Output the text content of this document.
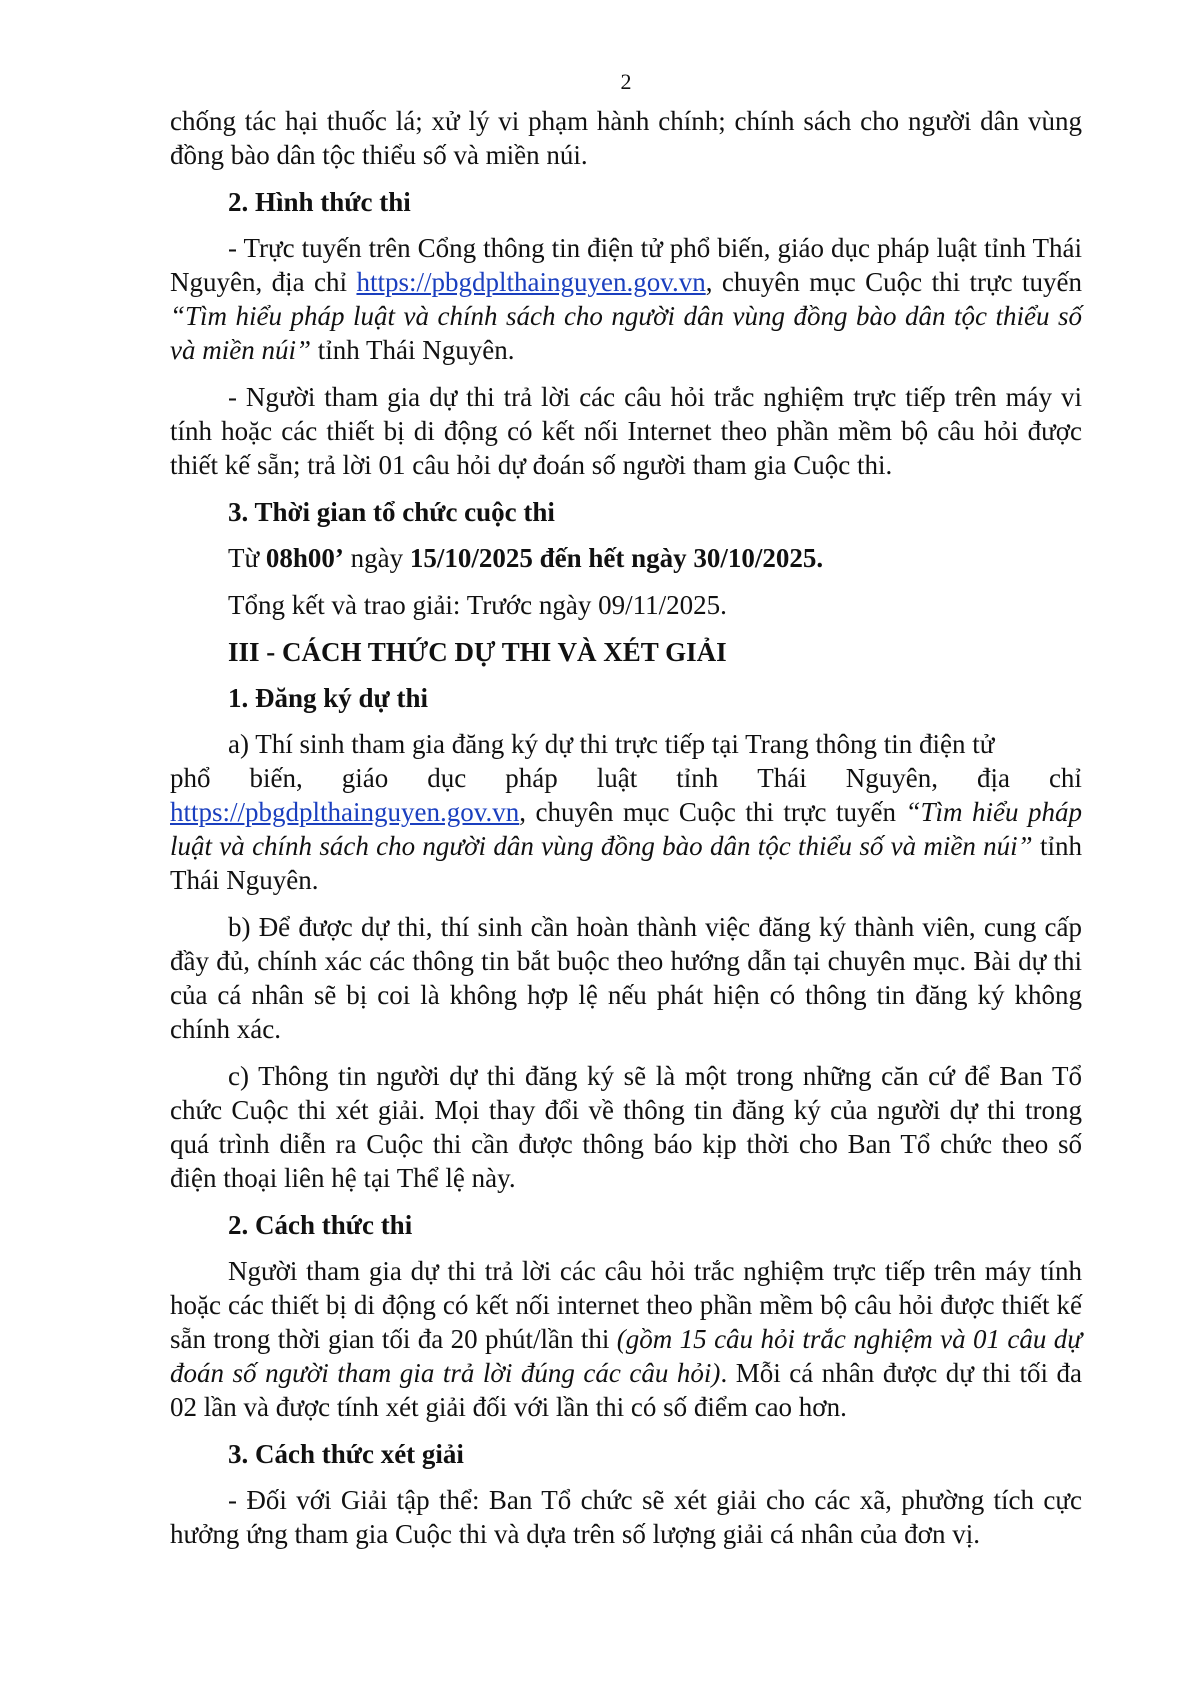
2

chống tác hại thuốc lá; xử lý vi phạm hành chính; chính sách cho người dân vùng đồng bào dân tộc thiểu số và miền núi.

2. Hình thức thi

- Trực tuyến trên Cổng thông tin điện tử phổ biến, giáo dục pháp luật tỉnh Thái Nguyên, địa chỉ https://pbgdplthainguyen.gov.vn, chuyên mục Cuộc thi trực tuyến “Tìm hiểu pháp luật và chính sách cho người dân vùng đồng bào dân tộc thiểu số và miền núi” tỉnh Thái Nguyên.

- Người tham gia dự thi trả lời các câu hỏi trắc nghiệm trực tiếp trên máy vi tính hoặc các thiết bị di động có kết nối Internet theo phần mềm bộ câu hỏi được thiết kế sẵn; trả lời 01 câu hỏi dự đoán số người tham gia Cuộc thi.

3. Thời gian tổ chức cuộc thi

Từ 08h00’ ngày 15/10/2025 đến hết ngày 30/10/2025.

Tổng kết và trao giải: Trước ngày 09/11/2025.

III - CÁCH THỨC DỰ THI VÀ XÉT GIẢI
1. Đăng ký dự thi

a) Thí sinh tham gia đăng ký dự thi trực tiếp tại Trang thông tin điện tử

phổ biến, giáo dục pháp luật tỉnh Thái Nguyên, địa chỉ

https://pbgdplthainguyen.gov.vn, chuyên mục Cuộc thi trực tuyến “Tìm hiểu pháp luật và chính sách cho người dân vùng đồng bào dân tộc thiểu số và miền núi” tỉnh Thái Nguyên.

b) Để được dự thi, thí sinh cần hoàn thành việc đăng ký thành viên, cung cấp đầy đủ, chính xác các thông tin bắt buộc theo hướng dẫn tại chuyên mục. Bài dự thi của cá nhân sẽ bị coi là không hợp lệ nếu phát hiện có thông tin đăng ký không chính xác.

c) Thông tin người dự thi đăng ký sẽ là một trong những căn cứ để Ban Tổ chức Cuộc thi xét giải. Mọi thay đổi về thông tin đăng ký của người dự thi trong quá trình diễn ra Cuộc thi cần được thông báo kịp thời cho Ban Tổ chức theo số điện thoại liên hệ tại Thể lệ này.

2. Cách thức thi

Người tham gia dự thi trả lời các câu hỏi trắc nghiệm trực tiếp trên máy tính hoặc các thiết bị di động có kết nối internet theo phần mềm bộ câu hỏi được thiết kế sẵn trong thời gian tối đa 20 phút/lần thi (gồm 15 câu hỏi trắc nghiệm và 01 câu dự đoán số người tham gia trả lời đúng các câu hỏi). Mỗi cá nhân được dự thi tối đa 02 lần và được tính xét giải đối với lần thi có số điểm cao hơn.

3. Cách thức xét giải

- Đối với Giải tập thể: Ban Tổ chức sẽ xét giải cho các xã, phường tích cực hưởng ứng tham gia Cuộc thi và dựa trên số lượng giải cá nhân của đơn vị.
